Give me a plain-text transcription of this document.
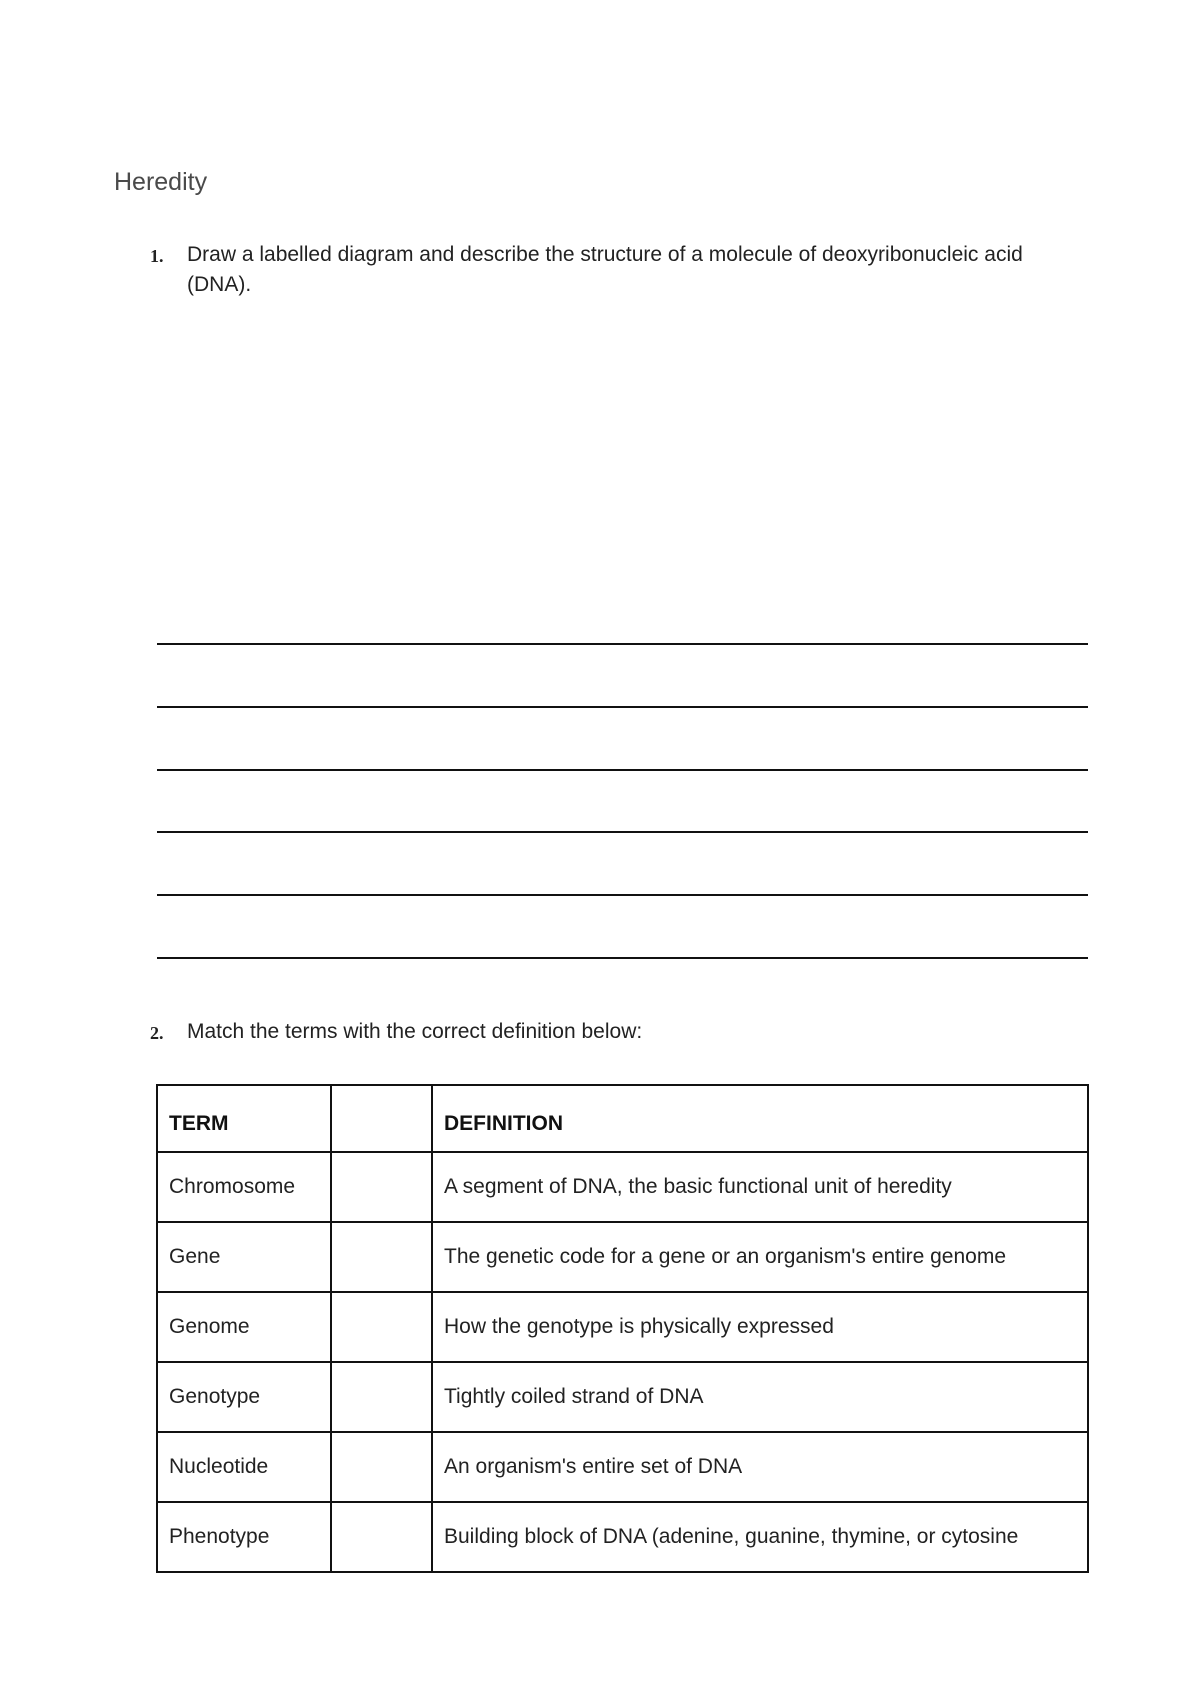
Heredity
1. Draw a labelled diagram and describe the structure of a molecule of deoxyribonucleic acid (DNA).
2. Match the terms with the correct definition below:
TERM		DEFINITION
Chromosome		A segment of DNA, the basic functional unit of heredity
Gene		The genetic code for a gene or an organism's entire genome
Genome		How the genotype is physically expressed
Genotype		Tightly coiled strand of DNA
Nucleotide		An organism's entire set of DNA
Phenotype		Building block of DNA (adenine, guanine, thymine, or cytosine
